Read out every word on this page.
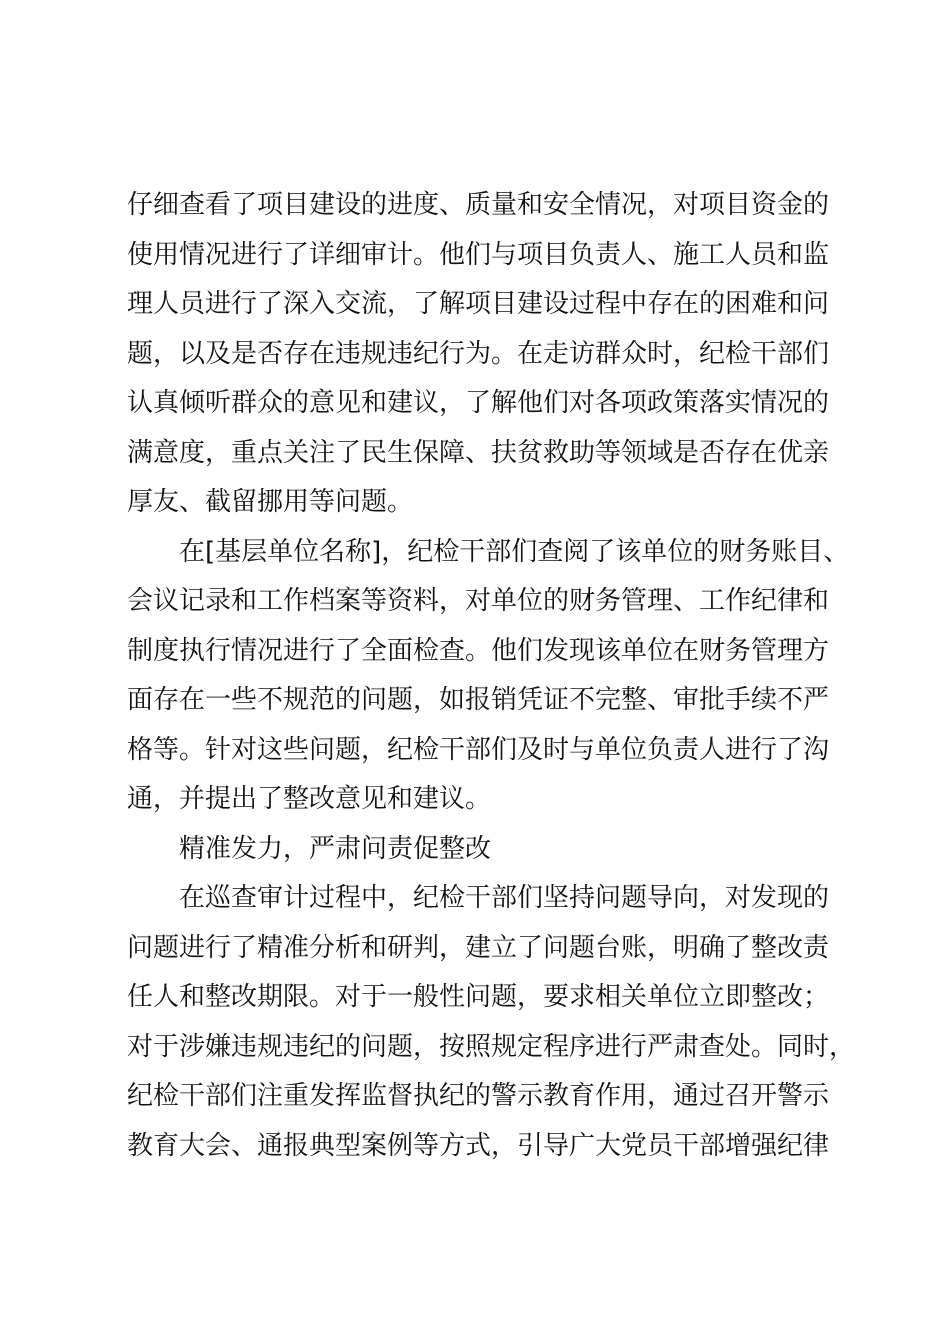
仔细查看了项目建设的进度、质量和安全情况，对项目资金的
使用情况进行了详细审计。他们与项目负责人、施工人员和监
理人员进行了深入交流，了解项目建设过程中存在的困难和问
题，以及是否存在违规违纪行为。在走访群众时，纪检干部们
认真倾听群众的意见和建议，了解他们对各项政策落实情况的
满意度，重点关注了民生保障、扶贫救助等领域是否存在优亲
厚友、截留挪用等问题。
在[基层单位名称]，纪检干部们查阅了该单位的财务账目、
会议记录和工作档案等资料，对单位的财务管理、工作纪律和
制度执行情况进行了全面检查。他们发现该单位在财务管理方
面存在一些不规范的问题，如报销凭证不完整、审批手续不严
格等。针对这些问题，纪检干部们及时与单位负责人进行了沟
通，并提出了整改意见和建议。
精准发力，严肃问责促整改
在巡查审计过程中，纪检干部们坚持问题导向，对发现的
问题进行了精准分析和研判，建立了问题台账，明确了整改责
任人和整改期限。对于一般性问题，要求相关单位立即整改；
对于涉嫌违规违纪的问题，按照规定程序进行严肃查处。同时，
纪检干部们注重发挥监督执纪的警示教育作用，通过召开警示
教育大会、通报典型案例等方式，引导广大党员干部增强纪律
